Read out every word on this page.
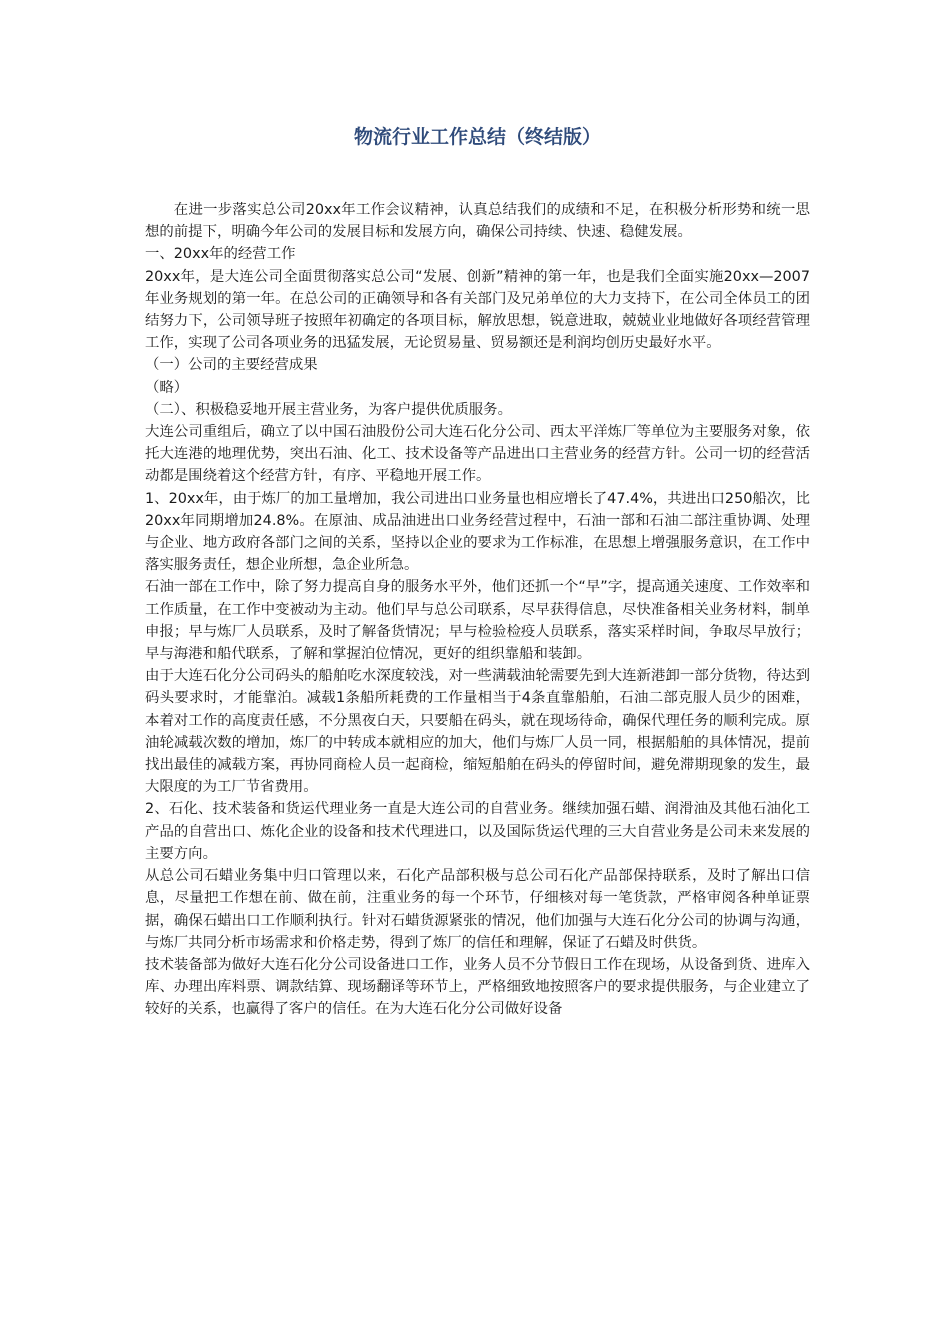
物流行业工作总结（终结版）

在进一步落实总公司20xx年工作会议精神，认真总结我们的成绩和不足，在积极分析形势和统一思想的前提下，明确今年公司的发展目标和发展方向，确保公司持续、快速、稳健发展。

一、20xx年的经营工作

20xx年，是大连公司全面贯彻落实总公司“发展、创新”精神的第一年，也是我们全面实施20xx—2007年业务规划的第一年。在总公司的正确领导和各有关部门及兄弟单位的大力支持下，在公司全体员工的团结努力下，公司领导班子按照年初确定的各项目标，解放思想，锐意进取，兢兢业业地做好各项经营管理工作，实现了公司各项业务的迅猛发展，无论贸易量、贸易额还是利润均创历史最好水平。

（一）公司的主要经营成果

（略）

（二）、积极稳妥地开展主营业务，为客户提供优质服务。

大连公司重组后，确立了以中国石油股份公司大连石化分公司、西太平洋炼厂等单位为主要服务对象，依托大连港的地理优势，突出石油、化工、技术设备等产品进出口主营业务的经营方针。公司一切的经营活动都是围绕着这个经营方针，有序、平稳地开展工作。

1、20xx年，由于炼厂的加工量增加，我公司进出口业务量也相应增长了47.4%，共进出口250船次，比20xx年同期增加24.8%。在原油、成品油进出口业务经营过程中，石油一部和石油二部注重协调、处理与企业、地方政府各部门之间的关系，坚持以企业的要求为工作标准，在思想上增强服务意识，在工作中落实服务责任，想企业所想，急企业所急。

石油一部在工作中，除了努力提高自身的服务水平外，他们还抓一个“早”字，提高通关速度、工作效率和工作质量，在工作中变被动为主动。他们早与总公司联系，尽早获得信息，尽快准备相关业务材料，制单申报；早与炼厂人员联系，及时了解备货情况；早与检验检疫人员联系，落实采样时间，争取尽早放行；早与海港和船代联系，了解和掌握泊位情况，更好的组织靠船和装卸。

由于大连石化分公司码头的船舶吃水深度较浅，对一些满载油轮需要先到大连新港卸一部分货物，待达到码头要求时，才能靠泊。减载1条船所耗费的工作量相当于4条直靠船舶，石油二部克服人员少的困难，本着对工作的高度责任感，不分黑夜白天，只要船在码头，就在现场待命，确保代理任务的顺利完成。原油轮减载次数的增加，炼厂的中转成本就相应的加大，他们与炼厂人员一同，根据船舶的具体情况，提前找出最佳的减载方案，再协同商检人员一起商检，缩短船舶在码头的停留时间，避免滞期现象的发生，最大限度的为工厂节省费用。

2、石化、技术装备和货运代理业务一直是大连公司的自营业务。继续加强石蜡、润滑油及其他石油化工产品的自营出口、炼化企业的设备和技术代理进口，以及国际货运代理的三大自营业务是公司未来发展的主要方向。

从总公司石蜡业务集中归口管理以来，石化产品部积极与总公司石化产品部保持联系，及时了解出口信息，尽量把工作想在前、做在前，注重业务的每一个环节，仔细核对每一笔货款，严格审阅各种单证票据，确保石蜡出口工作顺利执行。针对石蜡货源紧张的情况，他们加强与大连石化分公司的协调与沟通，与炼厂共同分析市场需求和价格走势，得到了炼厂的信任和理解，保证了石蜡及时供货。

技术装备部为做好大连石化分公司设备进口工作，业务人员不分节假日工作在现场，从设备到货、进库入库、办理出库料票、调款结算、现场翻译等环节上，严格细致地按照客户的要求提供服务，与企业建立了较好的关系，也赢得了客户的信任。在为大连石化分公司做好设备
